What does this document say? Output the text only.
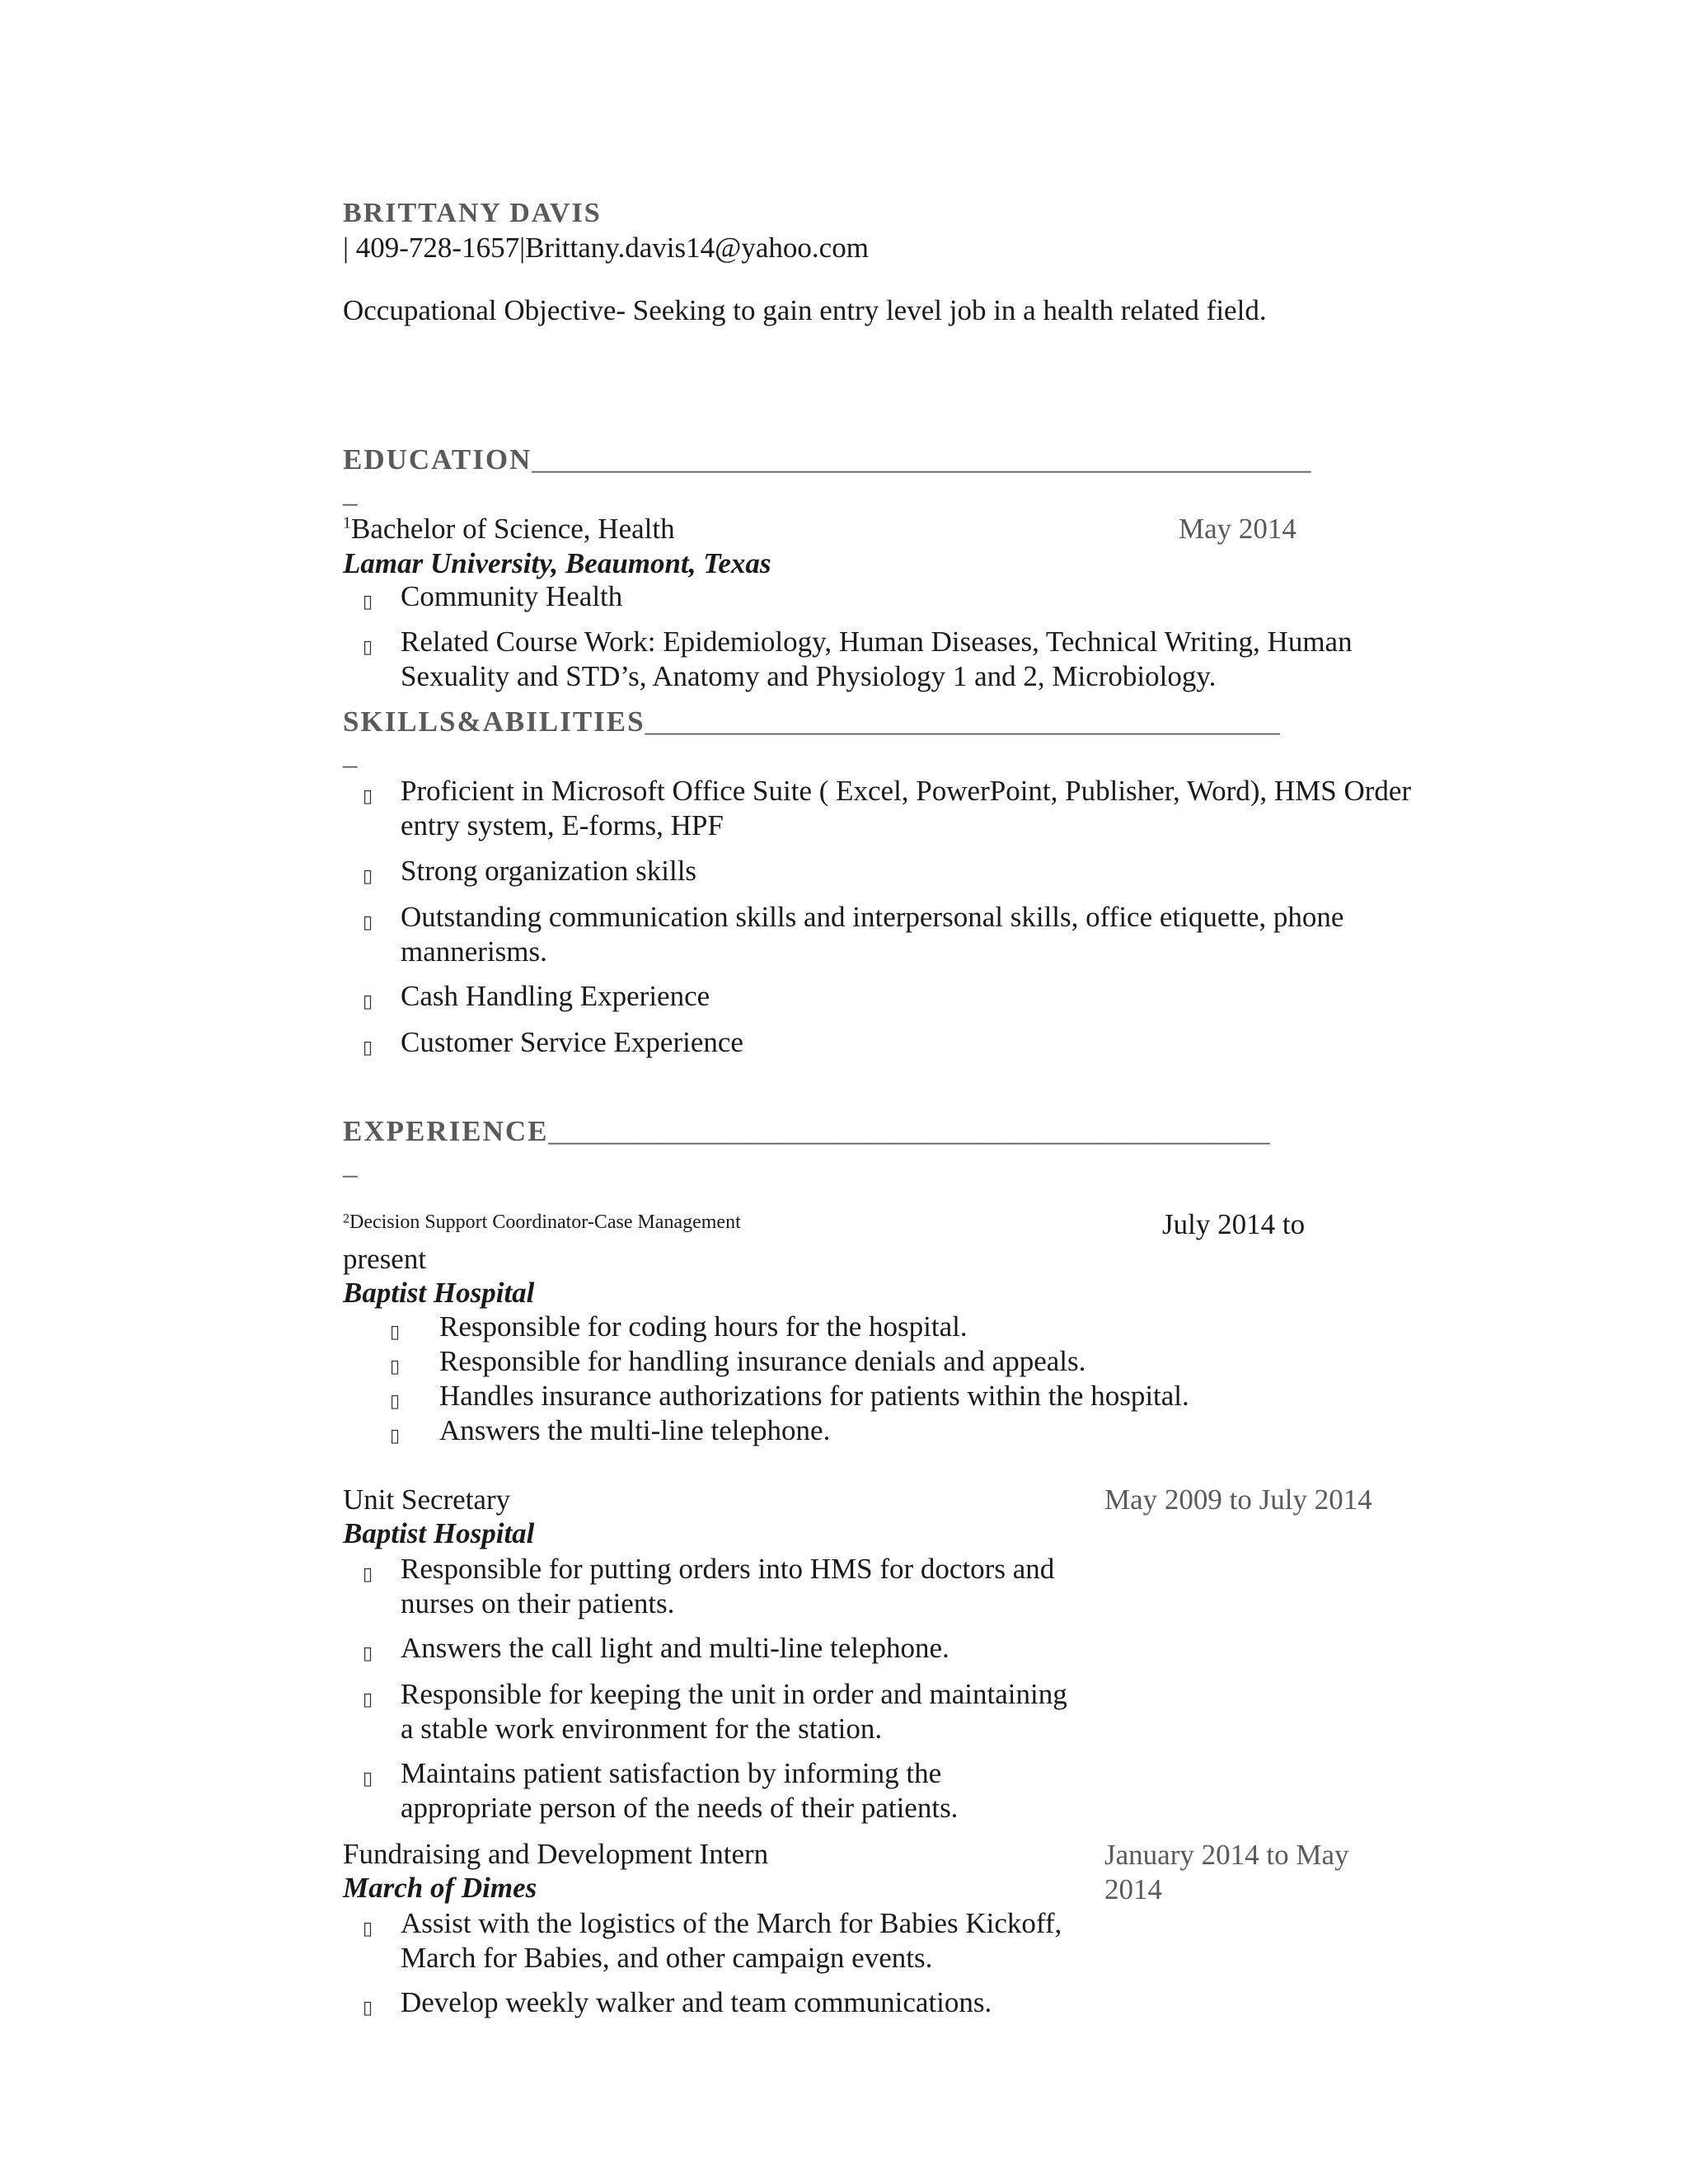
BRITTANY DAVIS
| 409-728-1657|Brittany.davis14@yahoo.com
Occupational Objective- Seeking to gain entry level job in a health related field.
EDUCATION______________________________________________________
_
$^1$Bachelor of Science, Health	May 2014
Lamar University, Beaumont, Texas
▯ Community Health
▯ Related Course Work: Epidemiology, Human Diseases, Technical Writing, Human Sexuality and STD’s, Anatomy and Physiology 1 and 2, Microbiology.
SKILLS&ABILITIES____________________________________________
_
▯ Proficient in Microsoft Office Suite ( Excel, PowerPoint, Publisher, Word), HMS Order entry system, E-forms, HPF
▯ Strong organization skills
▯ Outstanding communication skills and interpersonal skills, office etiquette, phone mannerisms.
▯ Cash Handling Experience
▯ Customer Service Experience
EXPERIENCE__________________________________________________
_
2Decision Support Coordinator-Case Management	July 2014 to
present
Baptist Hospital
▯ Responsible for coding hours for the hospital.
▯ Responsible for handling insurance denials and appeals.
▯ Handles insurance authorizations for patients within the hospital.
▯ Answers the multi-line telephone.
Unit Secretary	May 2009 to July 2014
Baptist Hospital
▯ Responsible for putting orders into HMS for doctors and nurses on their patients.
▯ Answers the call light and multi-line telephone.
▯ Responsible for keeping the unit in order and maintaining a stable work environment for the station.
▯ Maintains patient satisfaction by informing the appropriate person of the needs of their patients.
Fundraising and Development Intern	January 2014 to May 2014
March of Dimes
▯ Assist with the logistics of the March for Babies Kickoff, March for Babies, and other campaign events.
▯ Develop weekly walker and team communications.
